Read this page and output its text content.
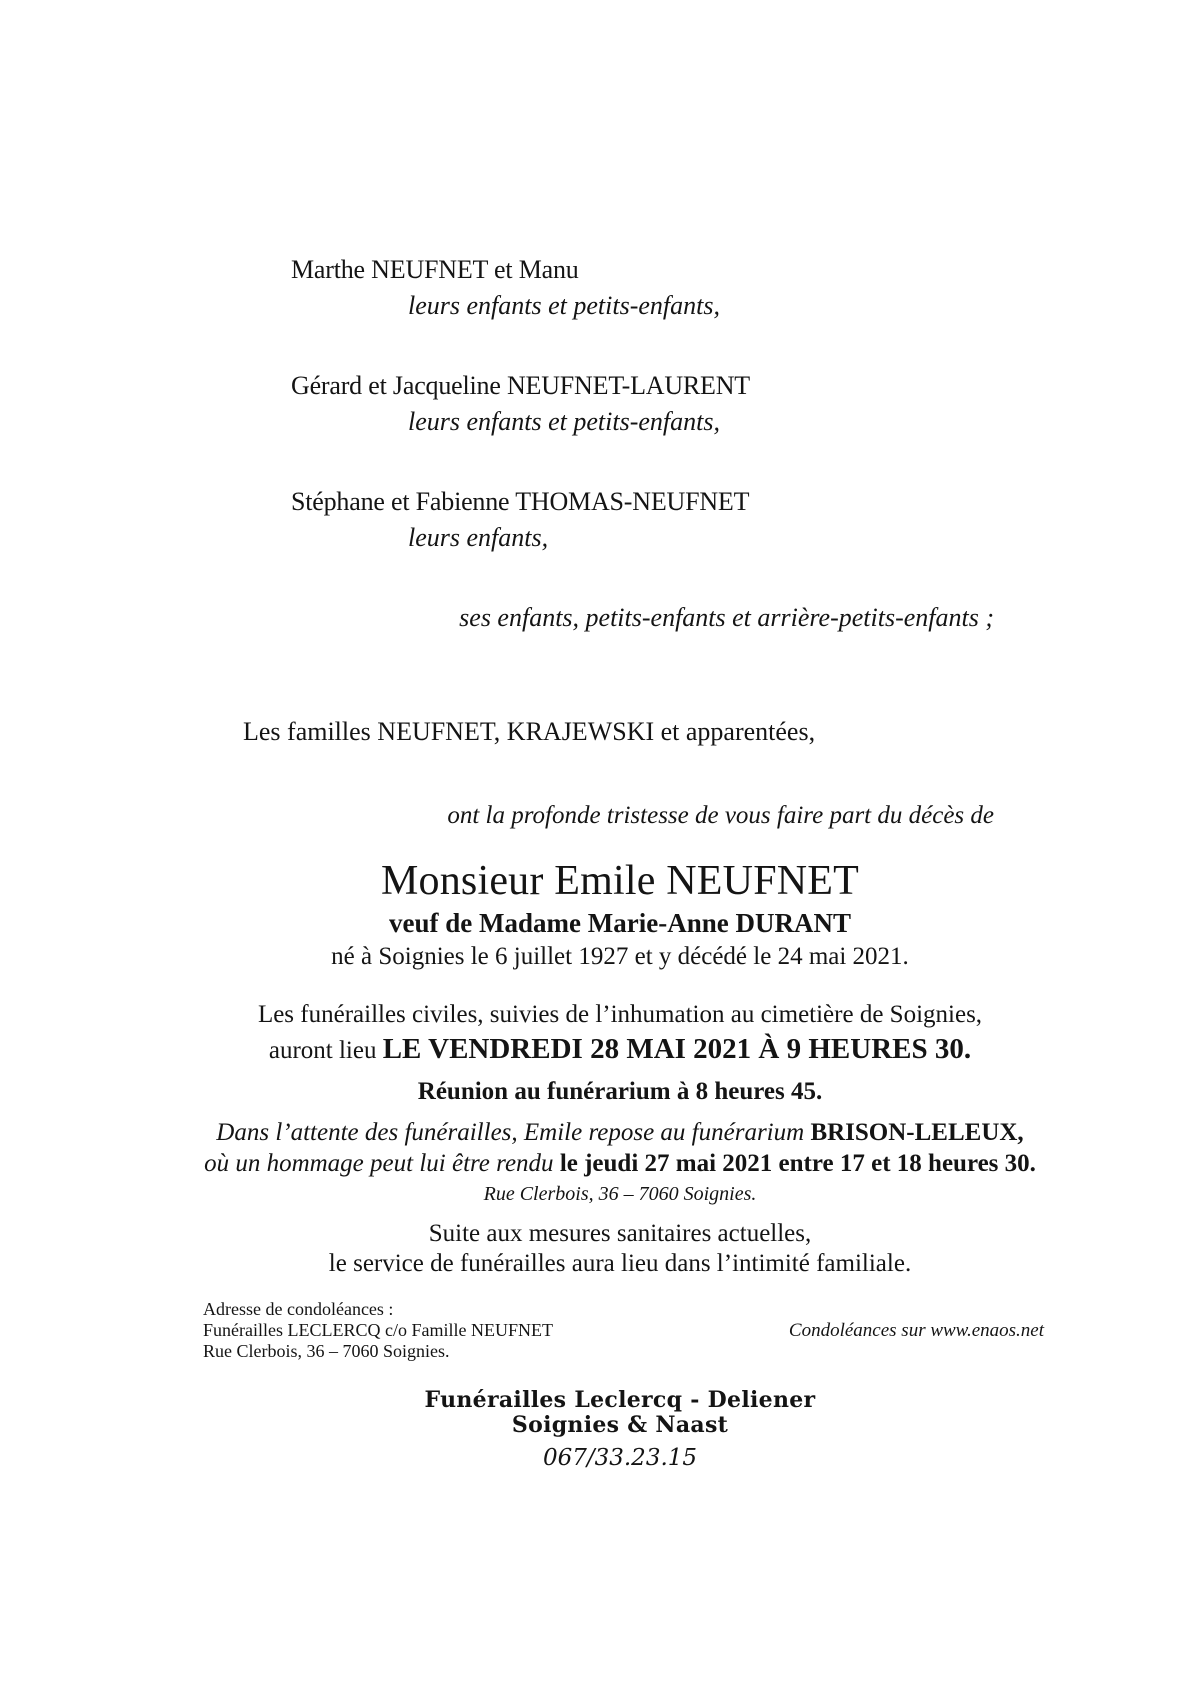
Marthe NEUFNET et Manu
leurs enfants et petits-enfants,
Gérard et Jacqueline NEUFNET-LAURENT
leurs enfants et petits-enfants,
Stéphane et Fabienne THOMAS-NEUFNET
leurs enfants,
ses enfants, petits-enfants et arrière-petits-enfants ;
Les familles NEUFNET, KRAJEWSKI et apparentées,
ont la profonde tristesse de vous faire part du décès de
Monsieur Emile NEUFNET
veuf de Madame Marie-Anne DURANT
né à Soignies le 6 juillet 1927 et y décédé le 24 mai 2021.
Les funérailles civiles, suivies de l’inhumation au cimetière de Soignies,
auront lieu LE VENDREDI 28 MAI 2021 À 9 HEURES 30.
Réunion au funérarium à 8 heures 45.
Dans l’attente des funérailles, Emile repose au funérarium BRISON-LELEUX,
où un hommage peut lui être rendu le jeudi 27 mai 2021 entre 17 et 18 heures 30.
Rue Clerbois, 36 – 7060 Soignies.
Suite aux mesures sanitaires actuelles,
le service de funérailles aura lieu dans l’intimité familiale.
Adresse de condoléances :
Funérailles LECLERCQ c/o Famille NEUFNET
Rue Clerbois, 36 – 7060 Soignies.
Condoléances sur www.enaos.net
Funérailles Leclercq - Deliener
Soignies & Naast
067/33.23.15
